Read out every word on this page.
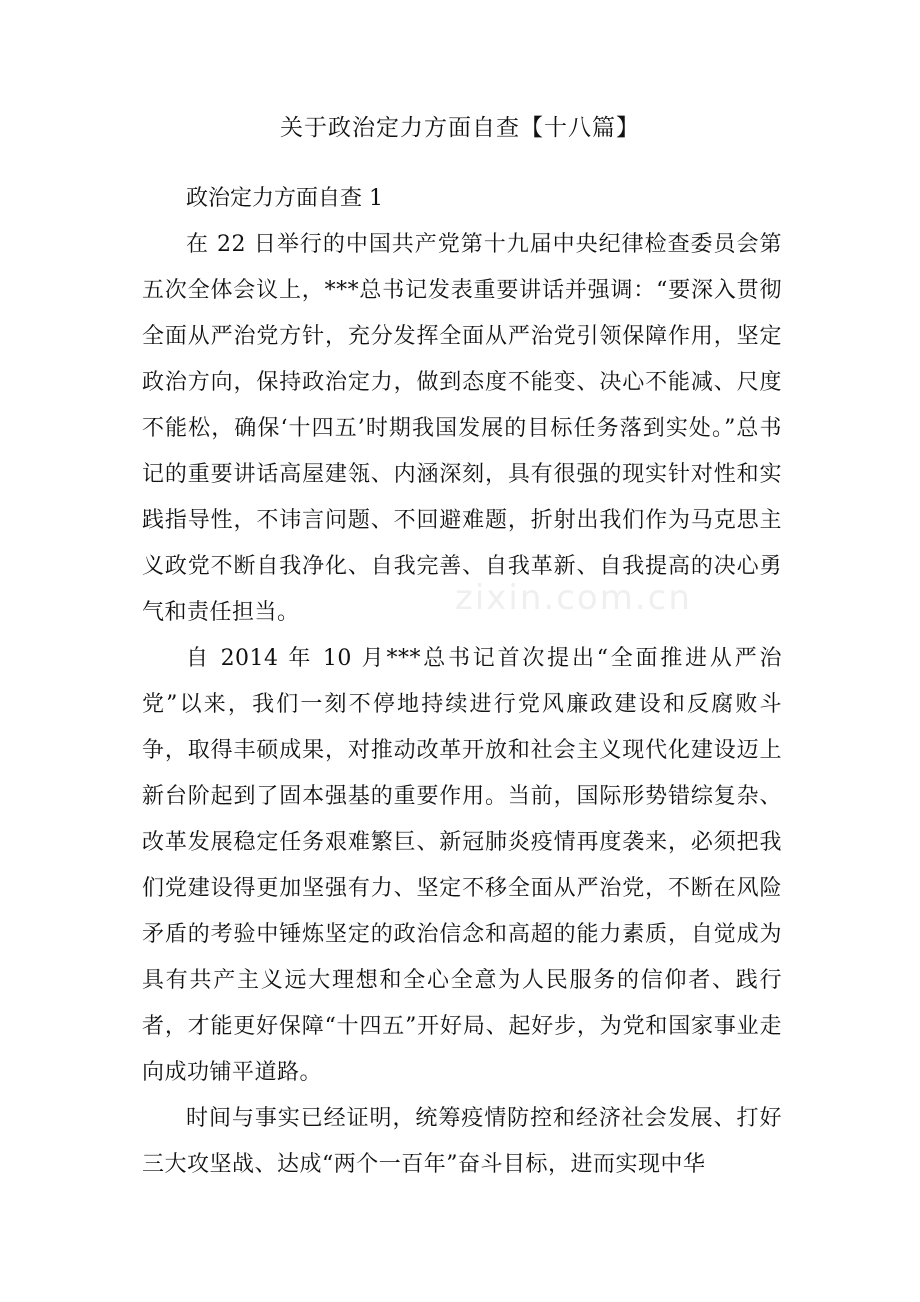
关于政治定力方面自查【十八篇】

政治定力方面自查 1

在 22 日举行的中国共产党第十九届中央纪律检查委员会第五次全体会议上，***总书记发表重要讲话并强调：“要深入贯彻全面从严治党方针，充分发挥全面从严治党引领保障作用，坚定政治方向，保持政治定力，做到态度不能变、决心不能减、尺度不能松，确保‘十四五’时期我国发展的目标任务落到实处。”总书记的重要讲话高屋建瓴、内涵深刻，具有很强的现实针对性和实践指导性，不讳言问题、不回避难题，折射出我们作为马克思主义政党不断自我净化、自我完善、自我革新、自我提高的决心勇气和责任担当。

自 2014 年 10 月***总书记首次提出“全面推进从严治党”以来，我们一刻不停地持续进行党风廉政建设和反腐败斗争，取得丰硕成果，对推动改革开放和社会主义现代化建设迈上新台阶起到了固本强基的重要作用。当前，国际形势错综复杂、改革发展稳定任务艰难繁巨、新冠肺炎疫情再度袭来，必须把我们党建设得更加坚强有力、坚定不移全面从严治党，不断在风险矛盾的考验中锤炼坚定的政治信念和高超的能力素质，自觉成为具有共产主义远大理想和全心全意为人民服务的信仰者、践行者，才能更好保障“十四五”开好局、起好步，为党和国家事业走向成功铺平道路。

时间与事实已经证明，统筹疫情防控和经济社会发展、打好三大攻坚战、达成“两个一百年”奋斗目标，进而实现中华

zixin.com.cn
